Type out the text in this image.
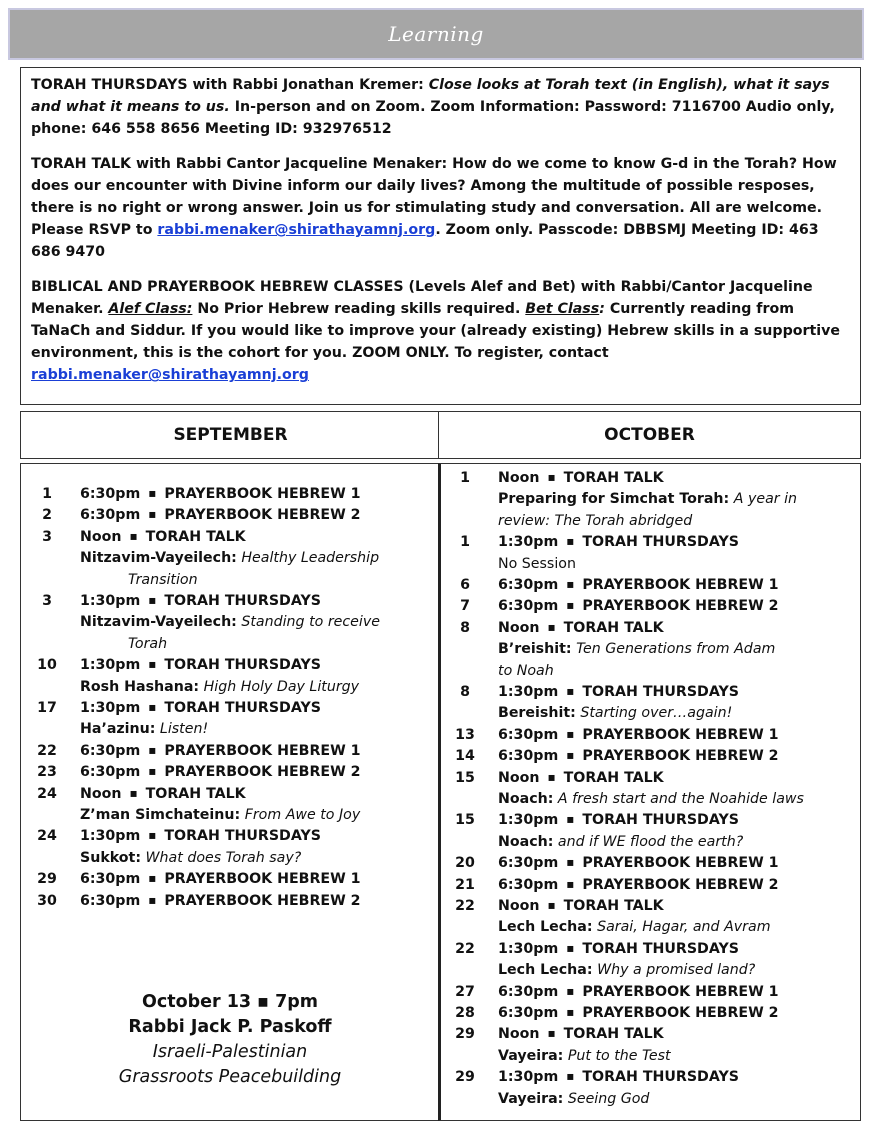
Learning

TORAH THURSDAYS with Rabbi Jonathan Kremer: Close looks at Torah text (in English), what it says and what it means to us. In-person and on Zoom. Zoom Information: Password: 7116700 Audio only, phone: 646 558 8656 Meeting ID: 932976512

TORAH TALK with Rabbi Cantor Jacqueline Menaker: How do we come to know G-d in the Torah? How does our encounter with Divine inform our daily lives? Among the multitude of possible resposes, there is no right or wrong answer. Join us for stimulating study and conversation. All are welcome. Please RSVP to rabbi.menaker@shirathayamnj.org. Zoom only. Passcode: DBBSMJ Meeting ID: 463 686 9470

BIBLICAL AND PRAYERBOOK HEBREW CLASSES (Levels Alef and Bet) with Rabbi/Cantor Jacqueline Menaker. Alef Class: No Prior Hebrew reading skills required. Bet Class: Currently reading from TaNaCh and Siddur. If you would like to improve your (already existing) Hebrew skills in a supportive environment, this is the cohort for you. ZOOM ONLY. To register, contact
rabbi.menaker@shirathayamnj.org

SEPTEMBER	OCTOBER
October 13 ▪ 7pm
Rabbi Jack P. Paskoff
Israeli-Palestinian
Grassroots Peacebuilding
1	6:30pm ▪ PRAYERBOOK HEBREW 1
2	6:30pm ▪ PRAYERBOOK HEBREW 2
3	Noon ▪ TORAH TALK
Nitzavim-Vayeilech: Healthy Leadership
Transition
3	1:30pm ▪ TORAH THURSDAYS
Nitzavim-Vayeilech: Standing to receive
Torah
10	1:30pm ▪ TORAH THURSDAYS
Rosh Hashana: High Holy Day Liturgy
17	1:30pm ▪ TORAH THURSDAYS
Ha’azinu: Listen!
22	6:30pm ▪ PRAYERBOOK HEBREW 1
23	6:30pm ▪ PRAYERBOOK HEBREW 2
24	Noon ▪ TORAH TALK
Z’man Simchateinu: From Awe to Joy
24	1:30pm ▪ TORAH THURSDAYS
Sukkot: What does Torah say?
29	6:30pm ▪ PRAYERBOOK HEBREW 1
30	6:30pm ▪ PRAYERBOOK HEBREW 2
1	Noon ▪ TORAH TALK
Preparing for Simchat Torah: A year in
review: The Torah abridged
1	1:30pm ▪ TORAH THURSDAYS
No Session
6	6:30pm ▪ PRAYERBOOK HEBREW 1
7	6:30pm ▪ PRAYERBOOK HEBREW 2
8	Noon ▪ TORAH TALK
B’reishit: Ten Generations from Adam
to Noah
8	1:30pm ▪ TORAH THURSDAYS
Bereishit: Starting over…again!
13	6:30pm ▪ PRAYERBOOK HEBREW 1
14	6:30pm ▪ PRAYERBOOK HEBREW 2
15	Noon ▪ TORAH TALK
Noach: A fresh start and the Noahide laws
15	1:30pm ▪ TORAH THURSDAYS
Noach: and if WE flood the earth?
20	6:30pm ▪ PRAYERBOOK HEBREW 1
21	6:30pm ▪ PRAYERBOOK HEBREW 2
22	Noon ▪ TORAH TALK
Lech Lecha: Sarai, Hagar, and Avram
22	1:30pm ▪ TORAH THURSDAYS
Lech Lecha: Why a promised land?
27	6:30pm ▪ PRAYERBOOK HEBREW 1
28	6:30pm ▪ PRAYERBOOK HEBREW 2
29	Noon ▪ TORAH TALK
Vayeira: Put to the Test
29	1:30pm ▪ TORAH THURSDAYS
Vayeira: Seeing God
